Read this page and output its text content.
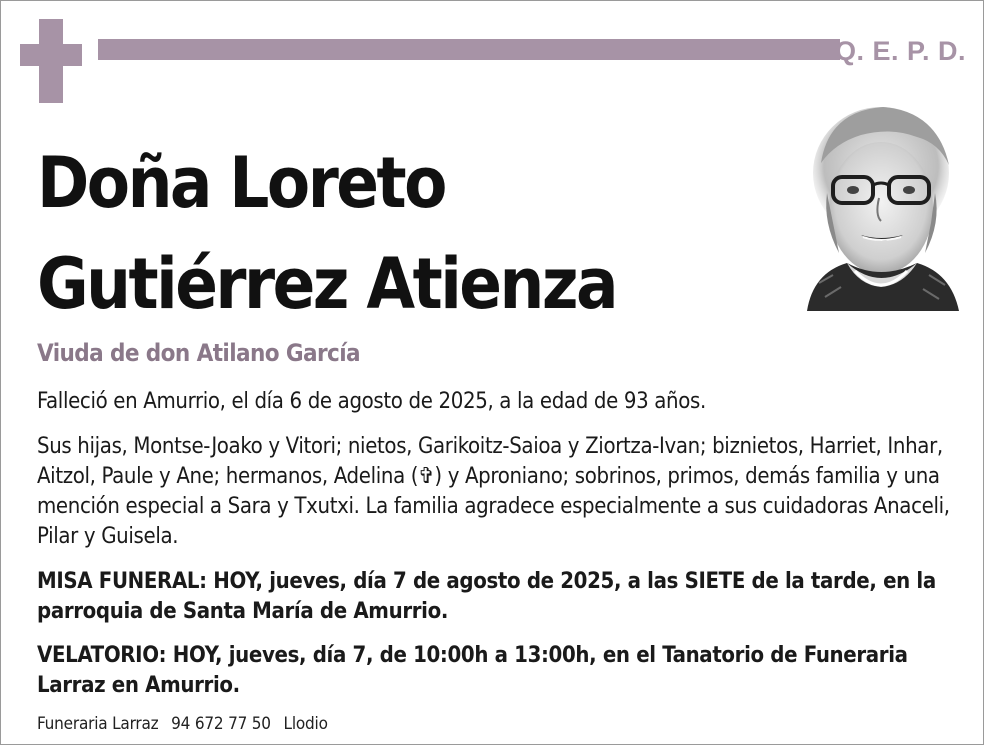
Q. E. P. D.
Doña Loreto
Gutiérrez Atienza
Viuda de don Atilano García
Falleció en Amurrio, el día 6 de agosto de 2025, a la edad de 93 años.
Sus hijas, Montse-Joako y Vitori; nietos, Garikoitz-Saioa y Ziortza-Ivan; biznietos, Harriet, Inhar, Aitzol, Paule y Ane; hermanos, Adelina (✞) y Aproniano; sobrinos, primos, demás familia y una mención especial a Sara y Txutxi. La familia agradece especialmente a sus cuidadoras Anaceli, Pilar y Guisela.
MISA FUNERAL: HOY, jueves, día 7 de agosto de 2025, a las SIETE de la tarde, en la parroquia de Santa María de Amurrio.
VELATORIO: HOY, jueves, día 7, de 10:00h a 13:00h, en el Tanatorio de Funeraria Larraz en Amurrio.
Funeraria Larraz 94 672 77 50 Llodio
